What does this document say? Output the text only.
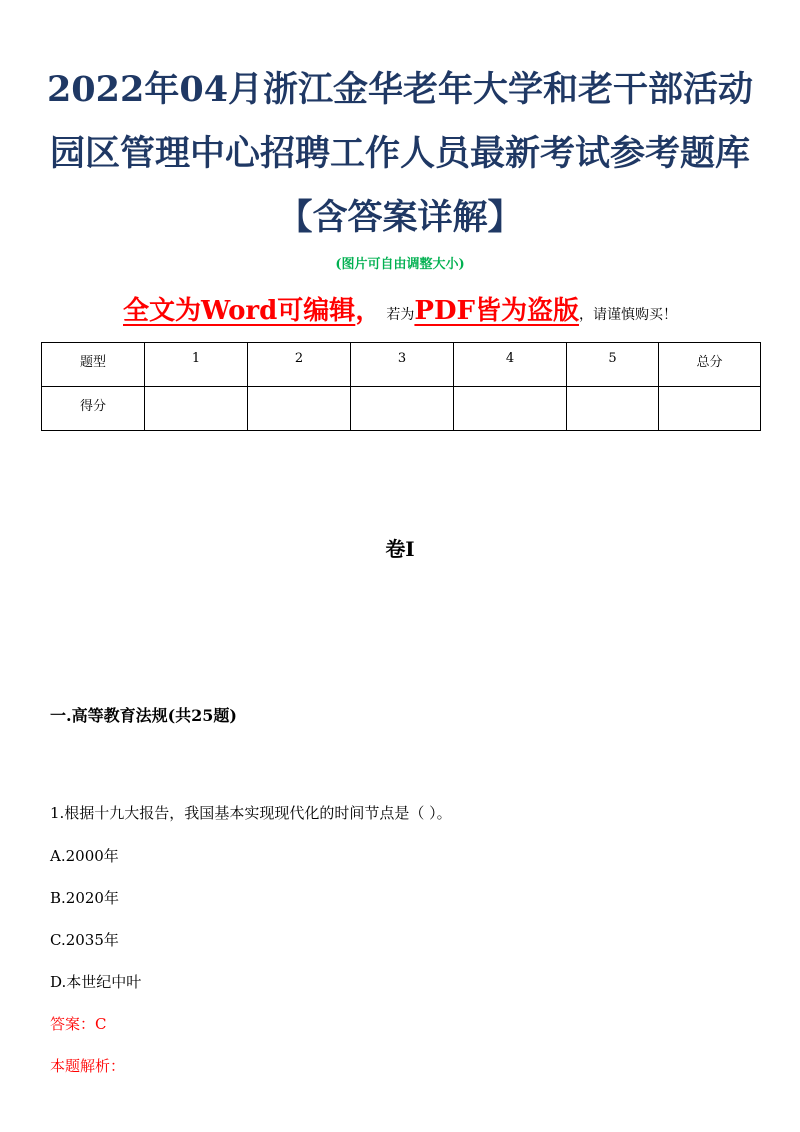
2022年04月浙江金华老年大学和老干部活动
园区管理中心招聘工作人员最新考试参考题库
【含答案详解】
(图片可自由调整大小)
全文为Word可编辑， 若为PDF皆为盗版，请谨慎购买！
题型	1	2	3	4	5	总分
得分						
卷I
一.高等教育法规(共25题)
1.根据十九大报告，我国基本实现现代化的时间节点是（ ）。
A.2000年
B.2020年
C.2035年
D.本世纪中叶
答案：C
本题解析：
